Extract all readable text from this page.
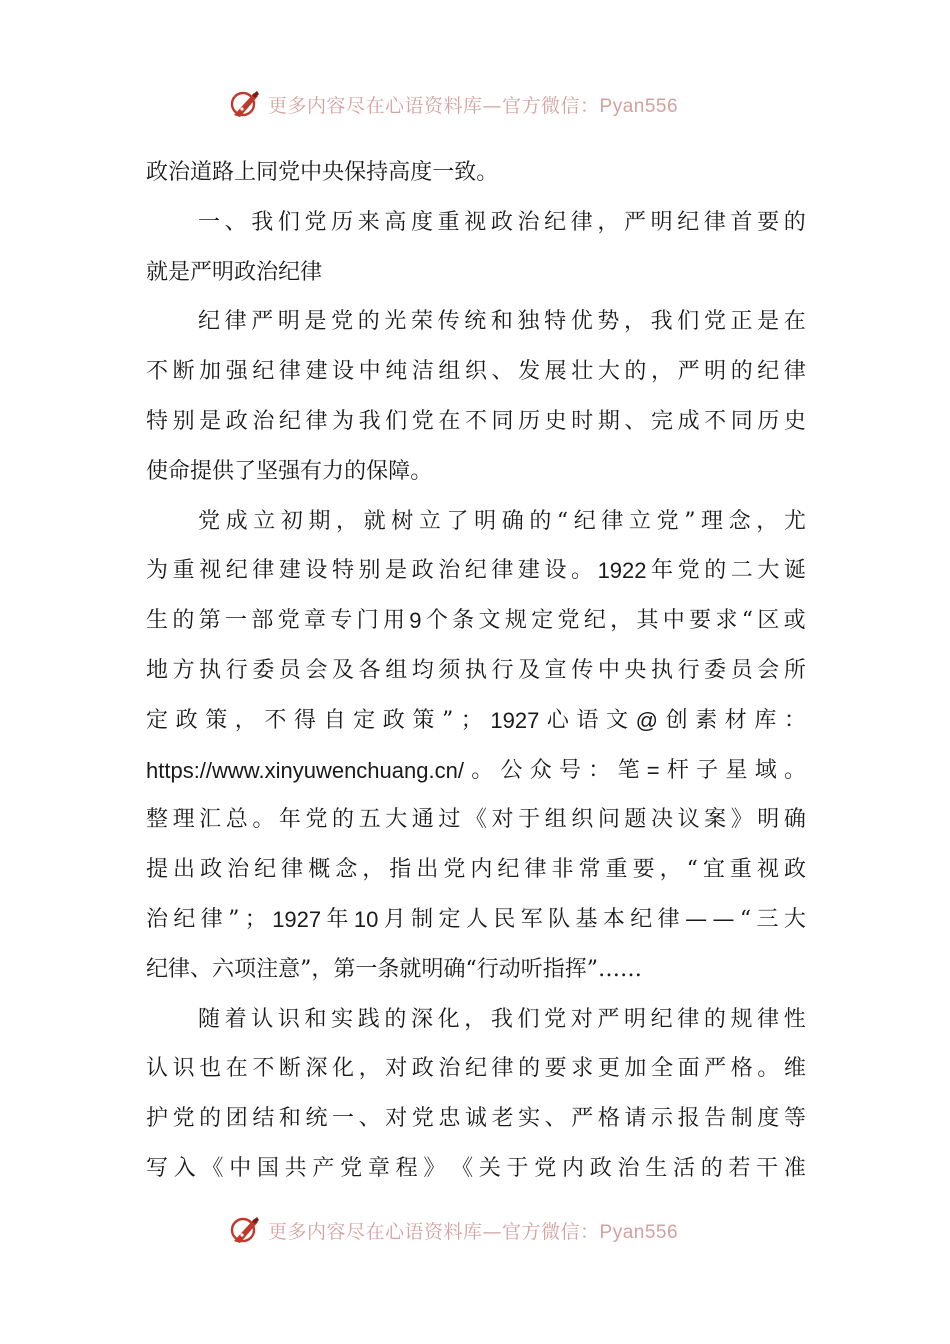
更多内容尽在心语资料库—官方微信：Pyan556
政 治 道 路 上 同 党 中 央 保 持 高 度 一 致 。
一 、 我 们 党 历 来 高 度 重 视 政 治 纪 律 ， 严 明 纪 律 首 要 的
就 是 严 明 政 治 纪 律
纪 律 严 明 是 党 的 光 荣 传 统 和 独 特 优 势 ， 我 们 党 正 是 在
不 断 加 强 纪 律 建 设 中 纯 洁 组 织 、 发 展 壮 大 的 ， 严 明 的 纪 律
特 别 是 政 治 纪 律 为 我 们 党 在 不 同 历 史 时 期 、 完 成 不 同 历 史
使 命 提 供 了 坚 强 有 力 的 保 障 。
党 成 立 初 期 ， 就 树 立 了 明 确 的 “ 纪 律 立 党 ” 理 念 ， 尤
为 重 视 纪 律 建 设 特 别 是 政 治 纪 律 建 设 。 1922 年 党 的 二 大 诞
生 的 第 一 部 党 章 专 门 用 9 个 条 文 规 定 党 纪 ， 其 中 要 求 “ 区 或
地 方 执 行 委 员 会 及 各 组 均 须 执 行 及 宣 传 中 央 执 行 委 员 会 所
定 政 策 ， 不 得 自 定 政 策 ” ； 1927 心 语 文 @ 创 素 材 库 ：
https://www.xinyuwenchuang.cn/ 。 公 众 号 ： 笔 = 杆 子 星 域 。
整 理 汇 总 。 年 党 的 五 大 通 过 《 对 于 组 织 问 题 决 议 案 》 明 确
提 出 政 治 纪 律 概 念 ， 指 出 党 内 纪 律 非 常 重 要 ， “ 宜 重 视 政
治 纪 律 ” ； 1927 年 10 月 制 定 人 民 军 队 基 本 纪 律 — — “ 三 大
纪 律 、 六 项 注 意 ” ， 第 一 条 就 明 确 “ 行 动 听 指 挥 ” … …
随 着 认 识 和 实 践 的 深 化 ， 我 们 党 对 严 明 纪 律 的 规 律 性
认 识 也 在 不 断 深 化 ， 对 政 治 纪 律 的 要 求 更 加 全 面 严 格 。 维
护 党 的 团 结 和 统 一 、 对 党 忠 诚 老 实 、 严 格 请 示 报 告 制 度 等
写 入 《 中 国 共 产 党 章 程 》 《 关 于 党 内 政 治 生 活 的 若 干 准
更多内容尽在心语资料库—官方微信：Pyan556
